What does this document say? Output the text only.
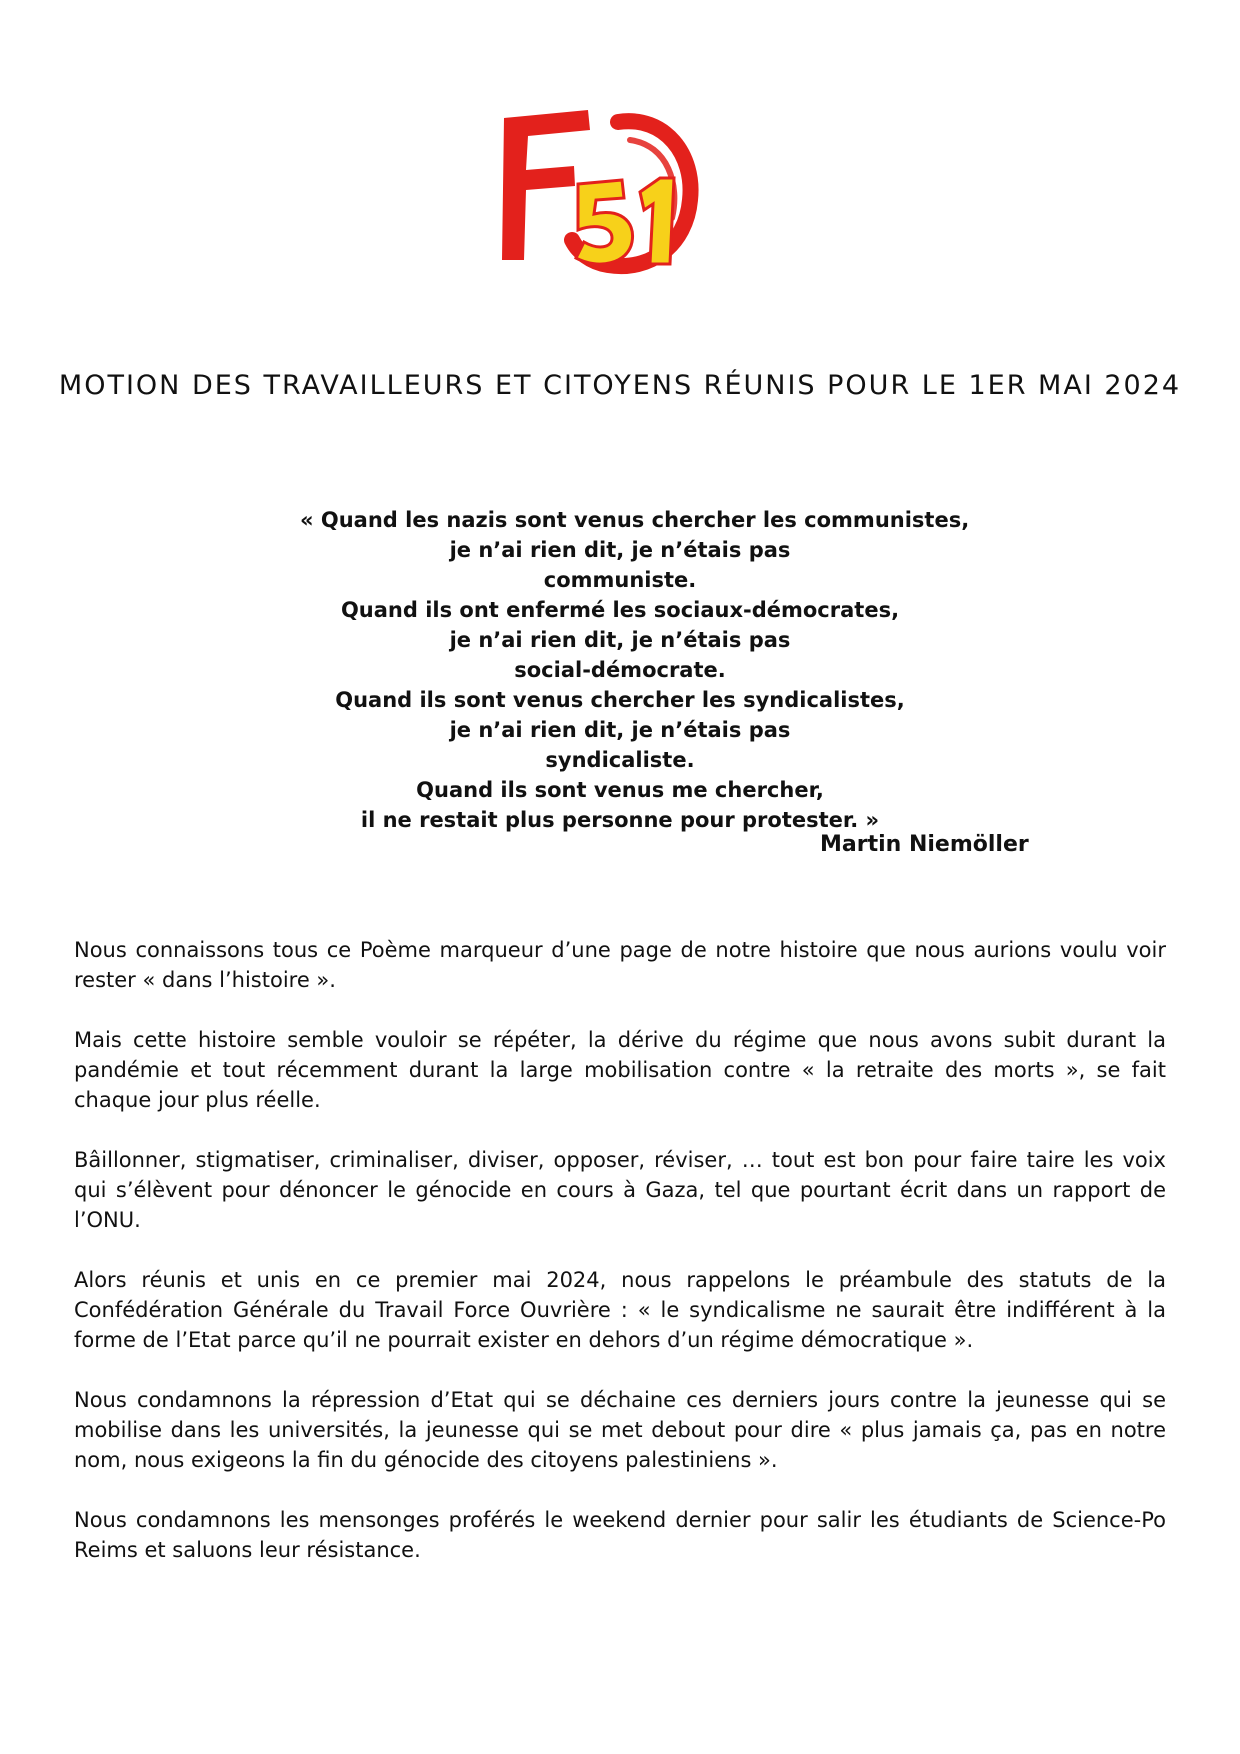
MOTION DES TRAVAILLEURS ET CITOYENS RÉUNIS POUR LE 1ER MAI 2024
« Quand les nazis sont venus chercher les communistes,
je n’ai rien dit, je n’étais pas
communiste.
Quand ils ont enfermé les sociaux-démocrates,
je n’ai rien dit, je n’étais pas
social-démocrate.
Quand ils sont venus chercher les syndicalistes,
je n’ai rien dit, je n’étais pas
syndicaliste.
Quand ils sont venus me chercher,
il ne restait plus personne pour protester. »
Martin Niemöller

Nous connaissons tous ce Poème marqueur d’une page de notre histoire que nous aurions voulu voir rester « dans l’histoire ».

Mais cette histoire semble vouloir se répéter, la dérive du régime que nous avons subit durant la pandémie et tout récemment durant la large mobilisation contre « la retraite des morts », se fait chaque jour plus réelle.

Bâillonner, stigmatiser, criminaliser, diviser, opposer, réviser, … tout est bon pour faire taire les voix qui s’élèvent pour dénoncer le génocide en cours à Gaza, tel que pourtant écrit dans un rapport de l’ONU.

Alors réunis et unis en ce premier mai 2024, nous rappelons le préambule des statuts de la Confédération Générale du Travail Force Ouvrière : « le syndicalisme ne saurait être indifférent à la forme de l’Etat parce qu’il ne pourrait exister en dehors d’un régime démocratique ».

Nous condamnons la répression d’Etat qui se déchaine ces derniers jours contre la jeunesse qui se mobilise dans les universités, la jeunesse qui se met debout pour dire « plus jamais ça, pas en notre nom, nous exigeons la fin du génocide des citoyens palestiniens ».

Nous condamnons les mensonges proférés le weekend dernier pour salir les étudiants de Science-Po Reims et saluons leur résistance.
